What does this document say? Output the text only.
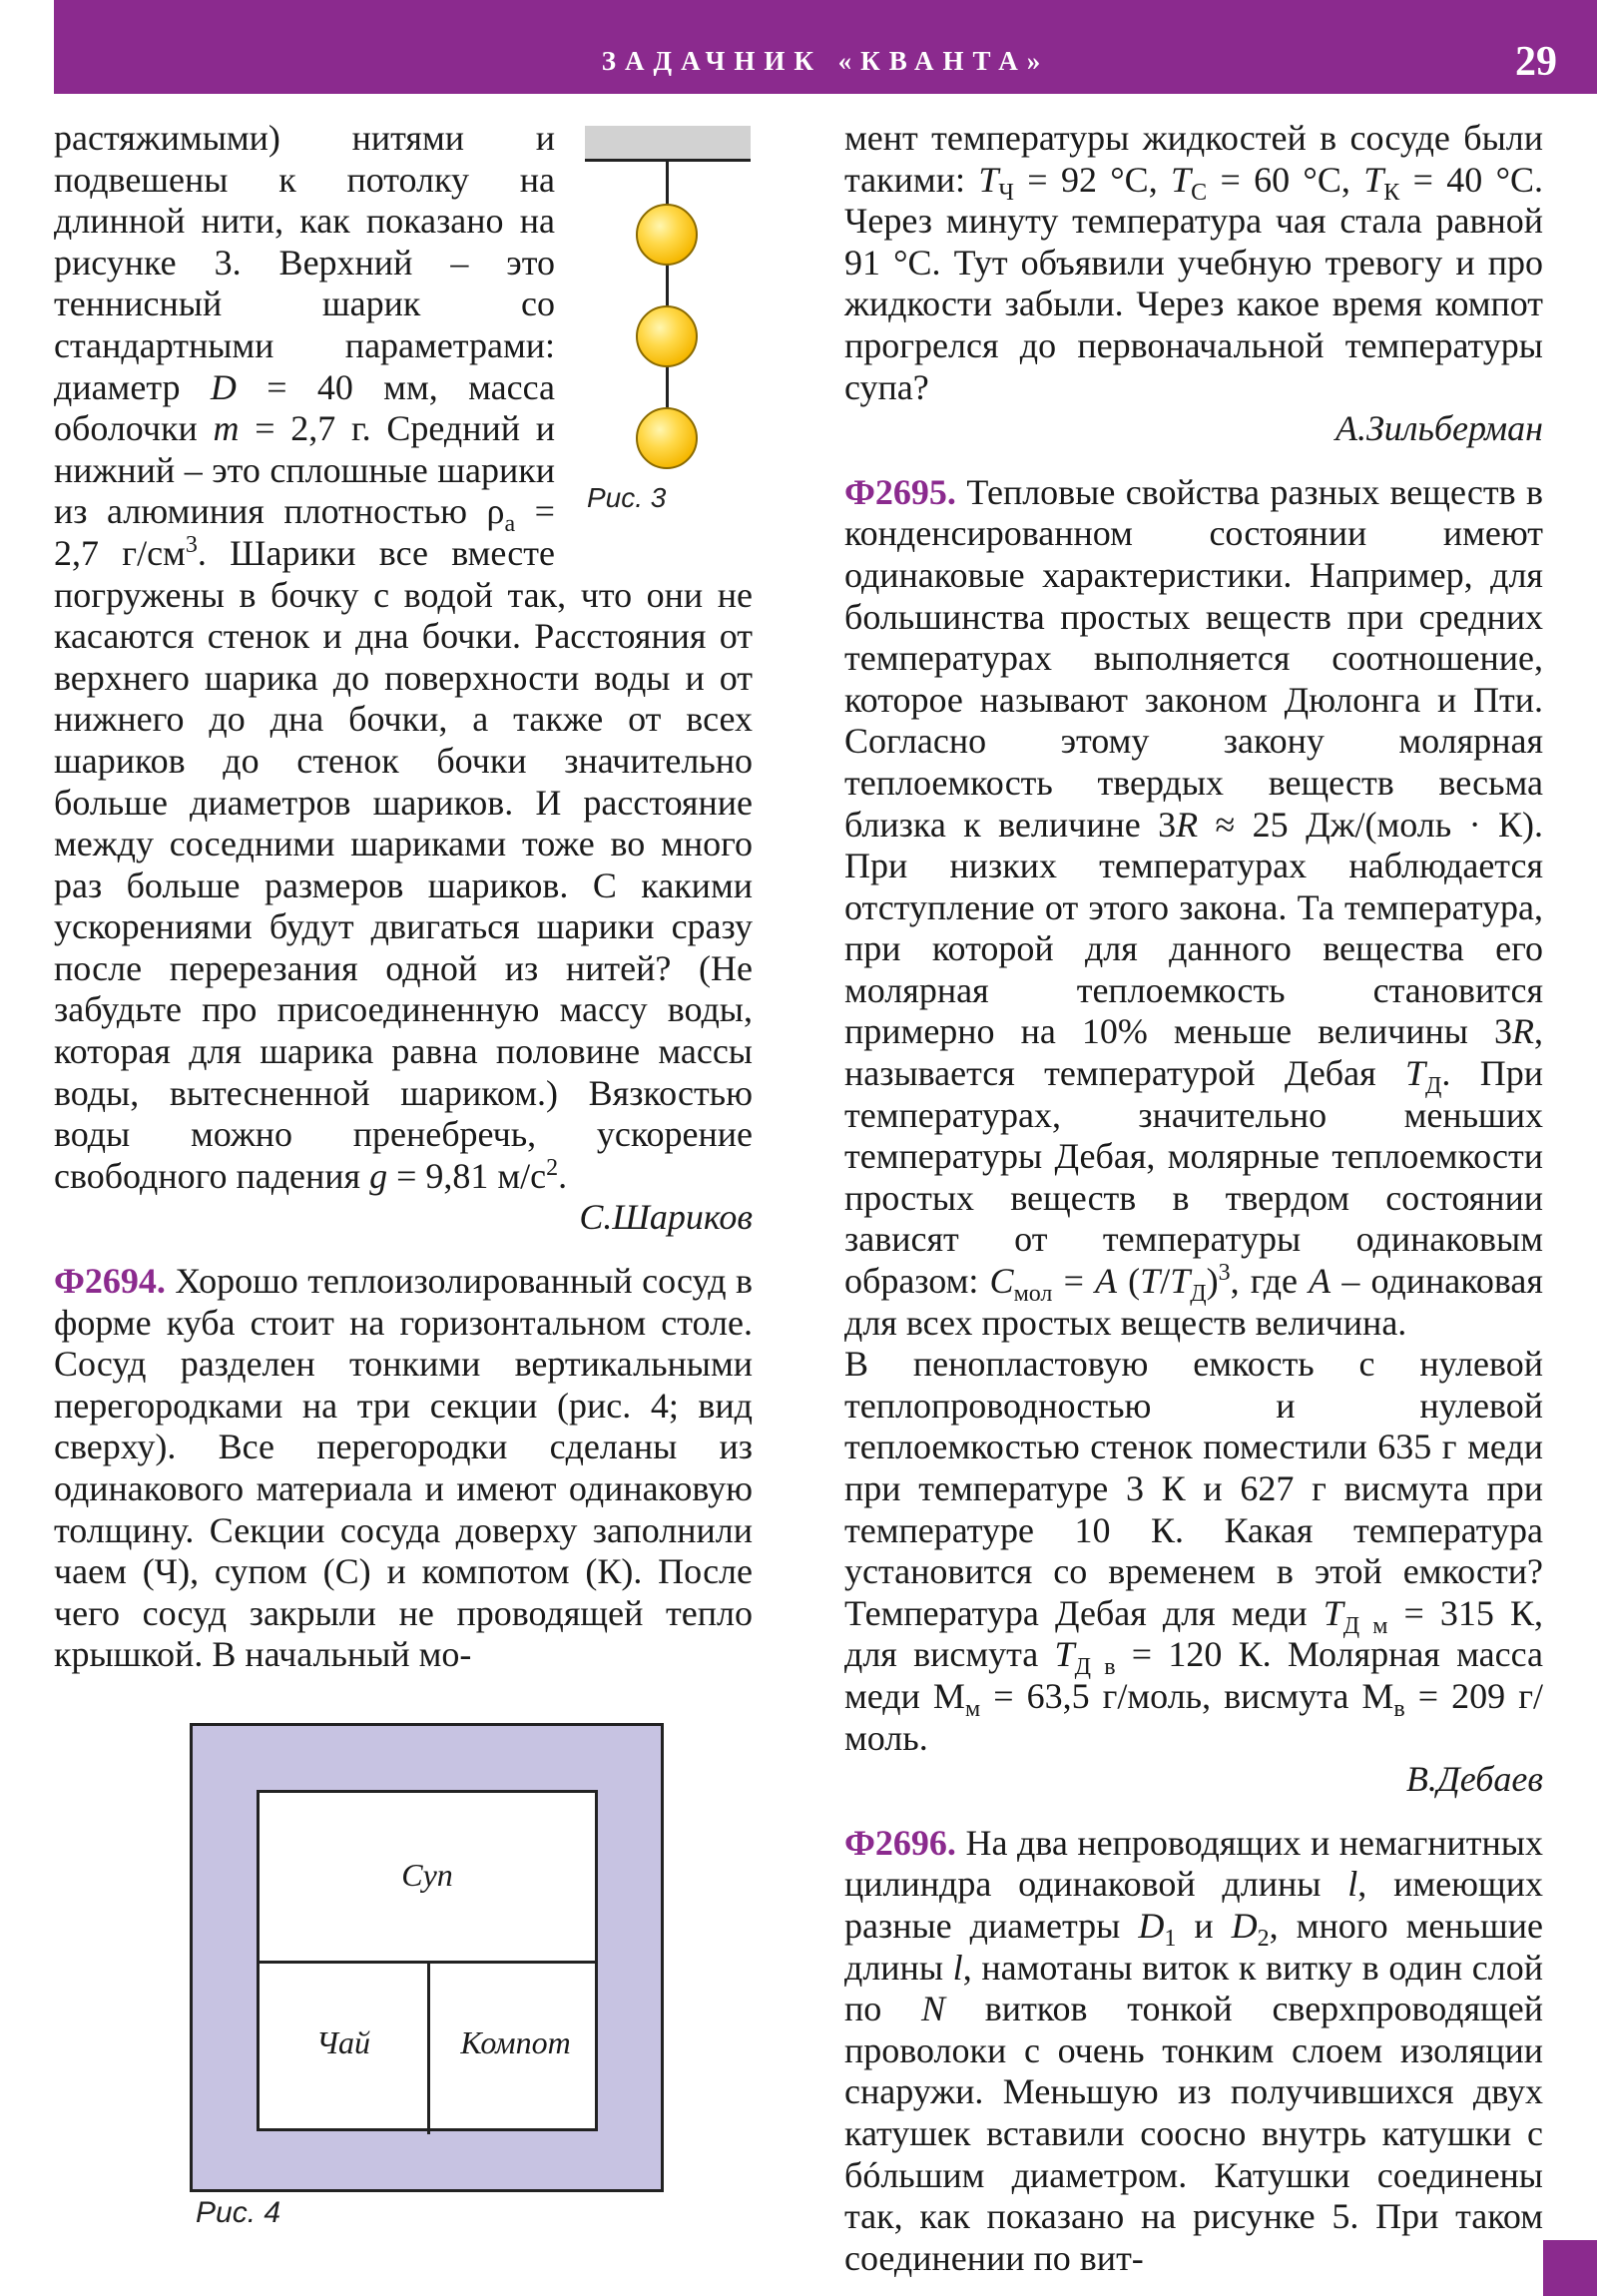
ЗАДАЧНИК «КВАНТА»	29
Рис. 3

растяжимыми) нитями и подвешены к потолку на длинной нити, как показано на рисунке 3. Верхний – это теннисный шарик со стандартными параметрами: диаметр D = 40 мм, масса оболочки m = 2,7 г. Средний и нижний – это сплошные шарики из алюминия плотностью $\rho_а = 2,7$ $г/см^3$. Шарики все вместе погружены в бочку с водой так, что они не касаются стенок и дна бочки. Расстояния от верхнего шарика до поверхности воды и от нижнего до дна бочки, а также от всех шариков до стенок бочки значительно больше диаметров шариков. И расстояние между соседними шариками тоже во много раз больше размеров шариков. С какими ускорениями будут двигаться шарики сразу после перерезания одной из нитей? (Не забудьте про присоединенную массу воды, которая для шарика равна половине массы воды, вытесненной шариком.) Вязкостью воды можно пренебречь, ускорение свободного падения g = 9,81 $м/с^2$.

С.Шариков

Ф2694. Хорошо теплоизолированный сосуд в форме куба стоит на горизонтальном столе. Сосуд разделен тонкими вертикальными перегородками на три секции (рис. 4; вид сверху). Все перегородки сделаны из одинакового материала и имеют одинаковую толщину. Секции сосуда доверху заполнили чаем (Ч), супом (С) и компотом (К). После чего сосуд закрыли не проводящей тепло крышкой. В начальный мо-

Суп
Чай	Компот
Рис. 4

мент температуры жидкостей в сосуде были такими: $T_Ч = 92$ °С, $T_С = 60$ °С, $T_К = 40$ °С. Через минуту температура чая стала равной 91 °С. Тут объявили учебную тревогу и про жидкости забыли. Через какое время компот прогрелся до первоначальной температуры супа?

А.Зильберман

Ф2695. Тепловые свойства разных веществ в конденсированном состоянии имеют одинаковые характеристики. Например, для большинства простых веществ при средних температурах выполняется соотношение, которое называют законом Дюлонга и Пти. Согласно этому закону молярная теплоемкость твердых веществ весьма близка к величине 3R ≈ 25 Дж/(моль · К). При низких температурах наблюдается отступление от этого закона. Та температура, при которой для данного вещества его молярная теплоемкость становится примерно на 10% меньше величины 3R, называется температурой Дебая $T_Д$. При температурах, значительно меньших температуры Дебая, молярные теплоемкости простых веществ в твердом состоянии зависят от температуры одинаковым образом: $C_{мол} = A$ $(T/T_Д)^3$, где A – одинаковая для всех простых веществ величина.

В пенопластовую емкость с нулевой теплопроводностью и нулевой теплоемкостью стенок поместили 635 г меди при температуре 3 К и 627 г висмута при температуре 10 К. Какая температура установится со временем в этой емкости? Температура Дебая для меди $T_{Д м} = 315$ К, для висмута $T_{Д в} = 120$ К. Молярная масса меди $М_м = 63,5$ г/моль, висмута $М_в = 209$ г/моль.

В.Дебаев

Ф2696. На два непроводящих и немагнитных цилиндра одинаковой длины l, имеющих разные диаметры $D_1$ и $D_2$, много меньшие длины l, намотаны виток к витку в один слой по N витков тонкой сверхпроводящей проволоки с очень тонким слоем изоляции снаружи. Меньшую из получившихся двух катушек вставили соосно внутрь катушки с бóльшим диаметром. Катушки соединены так, как показано на рисунке 5. При таком соединении по вит-
